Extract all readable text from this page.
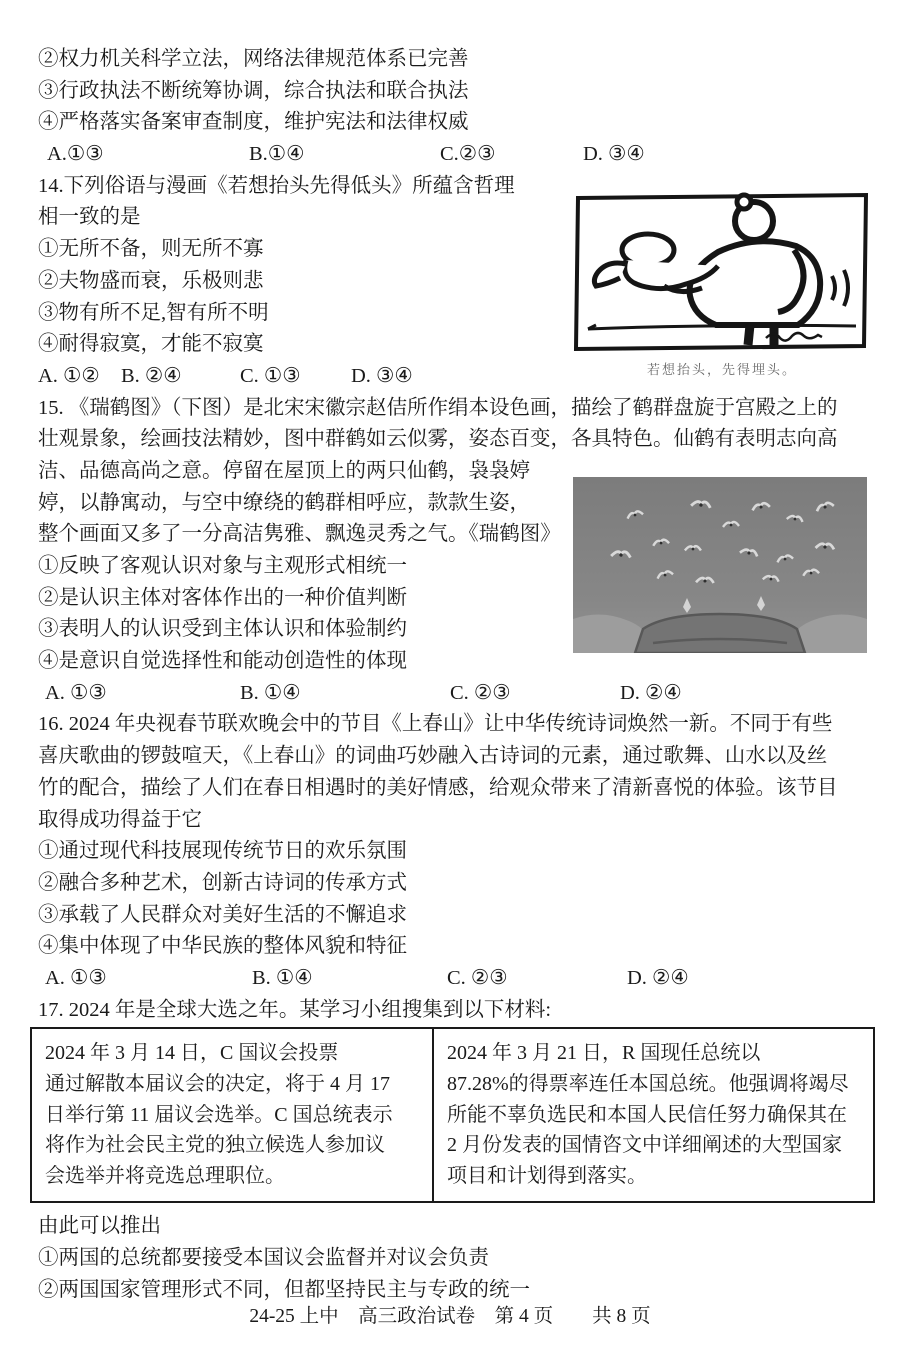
②权力机关科学立法，网络法律规范体系已完善
③行政执法不断统筹协调，综合执法和联合执法
④严格落实备案审查制度，维护宪法和法律权威
A.①③	B.①④	C.②③	D. ③④
14.下列俗语与漫画《若想抬头先得低头》所蕴含哲理
相一致的是
①无所不备，则无所不寡
②夫物盛而衰，乐极则悲
③物有所不足,智有所不明
④耐得寂寞，才能不寂寞
A. ①②	B. ②④	C. ①③	D. ③④
15. 《瑞鹤图》（下图）是北宋宋徽宗赵佶所作绢本设色画，描绘了鹤群盘旋于宫殿之上的
壮观景象，绘画技法精妙，图中群鹤如云似雾，姿态百变，各具特色。仙鹤有表明志向高
洁、品德高尚之意。停留在屋顶上的两只仙鹤，袅袅婷
婷，以静寓动，与空中缭绕的鹤群相呼应，款款生姿，
整个画面又多了一分高洁隽雅、飘逸灵秀之气。《瑞鹤图》
①反映了客观认识对象与主观形式相统一
②是认识主体对客体作出的一种价值判断
③表明人的认识受到主体认识和体验制约
④是意识自觉选择性和能动创造性的体现
A. ①③	B. ①④	C. ②③	D. ②④
16. 2024 年央视春节联欢晚会中的节目《上春山》让中华传统诗词焕然一新。不同于有些
喜庆歌曲的锣鼓喧天，《上春山》的词曲巧妙融入古诗词的元素，通过歌舞、山水以及丝
竹的配合，描绘了人们在春日相遇时的美好情感，给观众带来了清新喜悦的体验。该节目
取得成功得益于它
①通过现代科技展现传统节日的欢乐氛围
②融合多种艺术，创新古诗词的传承方式
③承载了人民群众对美好生活的不懈追求
④集中体现了中华民族的整体风貌和特征
A. ①③	B. ①④	C. ②③	D. ②④
17. 2024 年是全球大选之年。某学习小组搜集到以下材料:
2024 年 3 月 14 日，C 国议会投票
通过解散本届议会的决定，将于 4 月 17
日举行第 11 届议会选举。C 国总统表示
将作为社会民主党的独立候选人参加议
会选举并将竞选总理职位。
2024 年 3 月 21 日，R 国现任总统以
87.28%的得票率连任本国总统。他强调将竭尽
所能不辜负选民和本国人民信任努力确保其在
2 月份发表的国情咨文中详细阐述的大型国家
项目和计划得到落实。
由此可以推出
①两国的总统都要接受本国议会监督并对议会负责
②两国国家管理形式不同，但都坚持民主与专政的统一
若想抬头，先得埋头。
24-25 上中　高三政治试卷　第 4 页　　共 8 页
